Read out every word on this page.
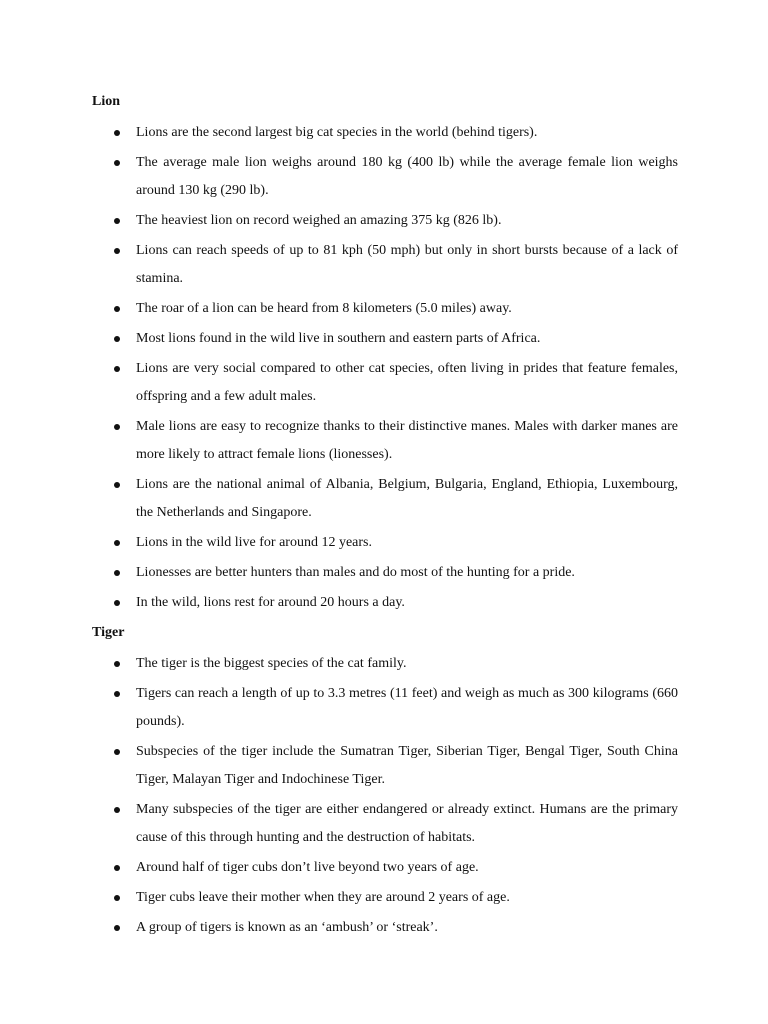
Lion

Lions are the second largest big cat species in the world (behind tigers).
The average male lion weighs around 180 kg (400 lb) while the average female lion weighs around 130 kg (290 lb).
The heaviest lion on record weighed an amazing 375 kg (826 lb).
Lions can reach speeds of up to 81 kph (50 mph) but only in short bursts because of a lack of stamina.
The roar of a lion can be heard from 8 kilometers (5.0 miles) away.
Most lions found in the wild live in southern and eastern parts of Africa.
Lions are very social compared to other cat species, often living in prides that feature females, offspring and a few adult males.
Male lions are easy to recognize thanks to their distinctive manes. Males with darker manes are more likely to attract female lions (lionesses).
Lions are the national animal of Albania, Belgium, Bulgaria, England, Ethiopia, Luxembourg, the Netherlands and Singapore.
Lions in the wild live for around 12 years.
Lionesses are better hunters than males and do most of the hunting for a pride.
In the wild, lions rest for around 20 hours a day.

Tiger

The tiger is the biggest species of the cat family.
Tigers can reach a length of up to 3.3 metres (11 feet) and weigh as much as 300 kilograms (660 pounds).
Subspecies of the tiger include the Sumatran Tiger, Siberian Tiger, Bengal Tiger, South China Tiger, Malayan Tiger and Indochinese Tiger.
Many subspecies of the tiger are either endangered or already extinct. Humans are the primary cause of this through hunting and the destruction of habitats.
Around half of tiger cubs don’t live beyond two years of age.
Tiger cubs leave their mother when they are around 2 years of age.
A group of tigers is known as an ‘ambush’ or ‘streak’.
